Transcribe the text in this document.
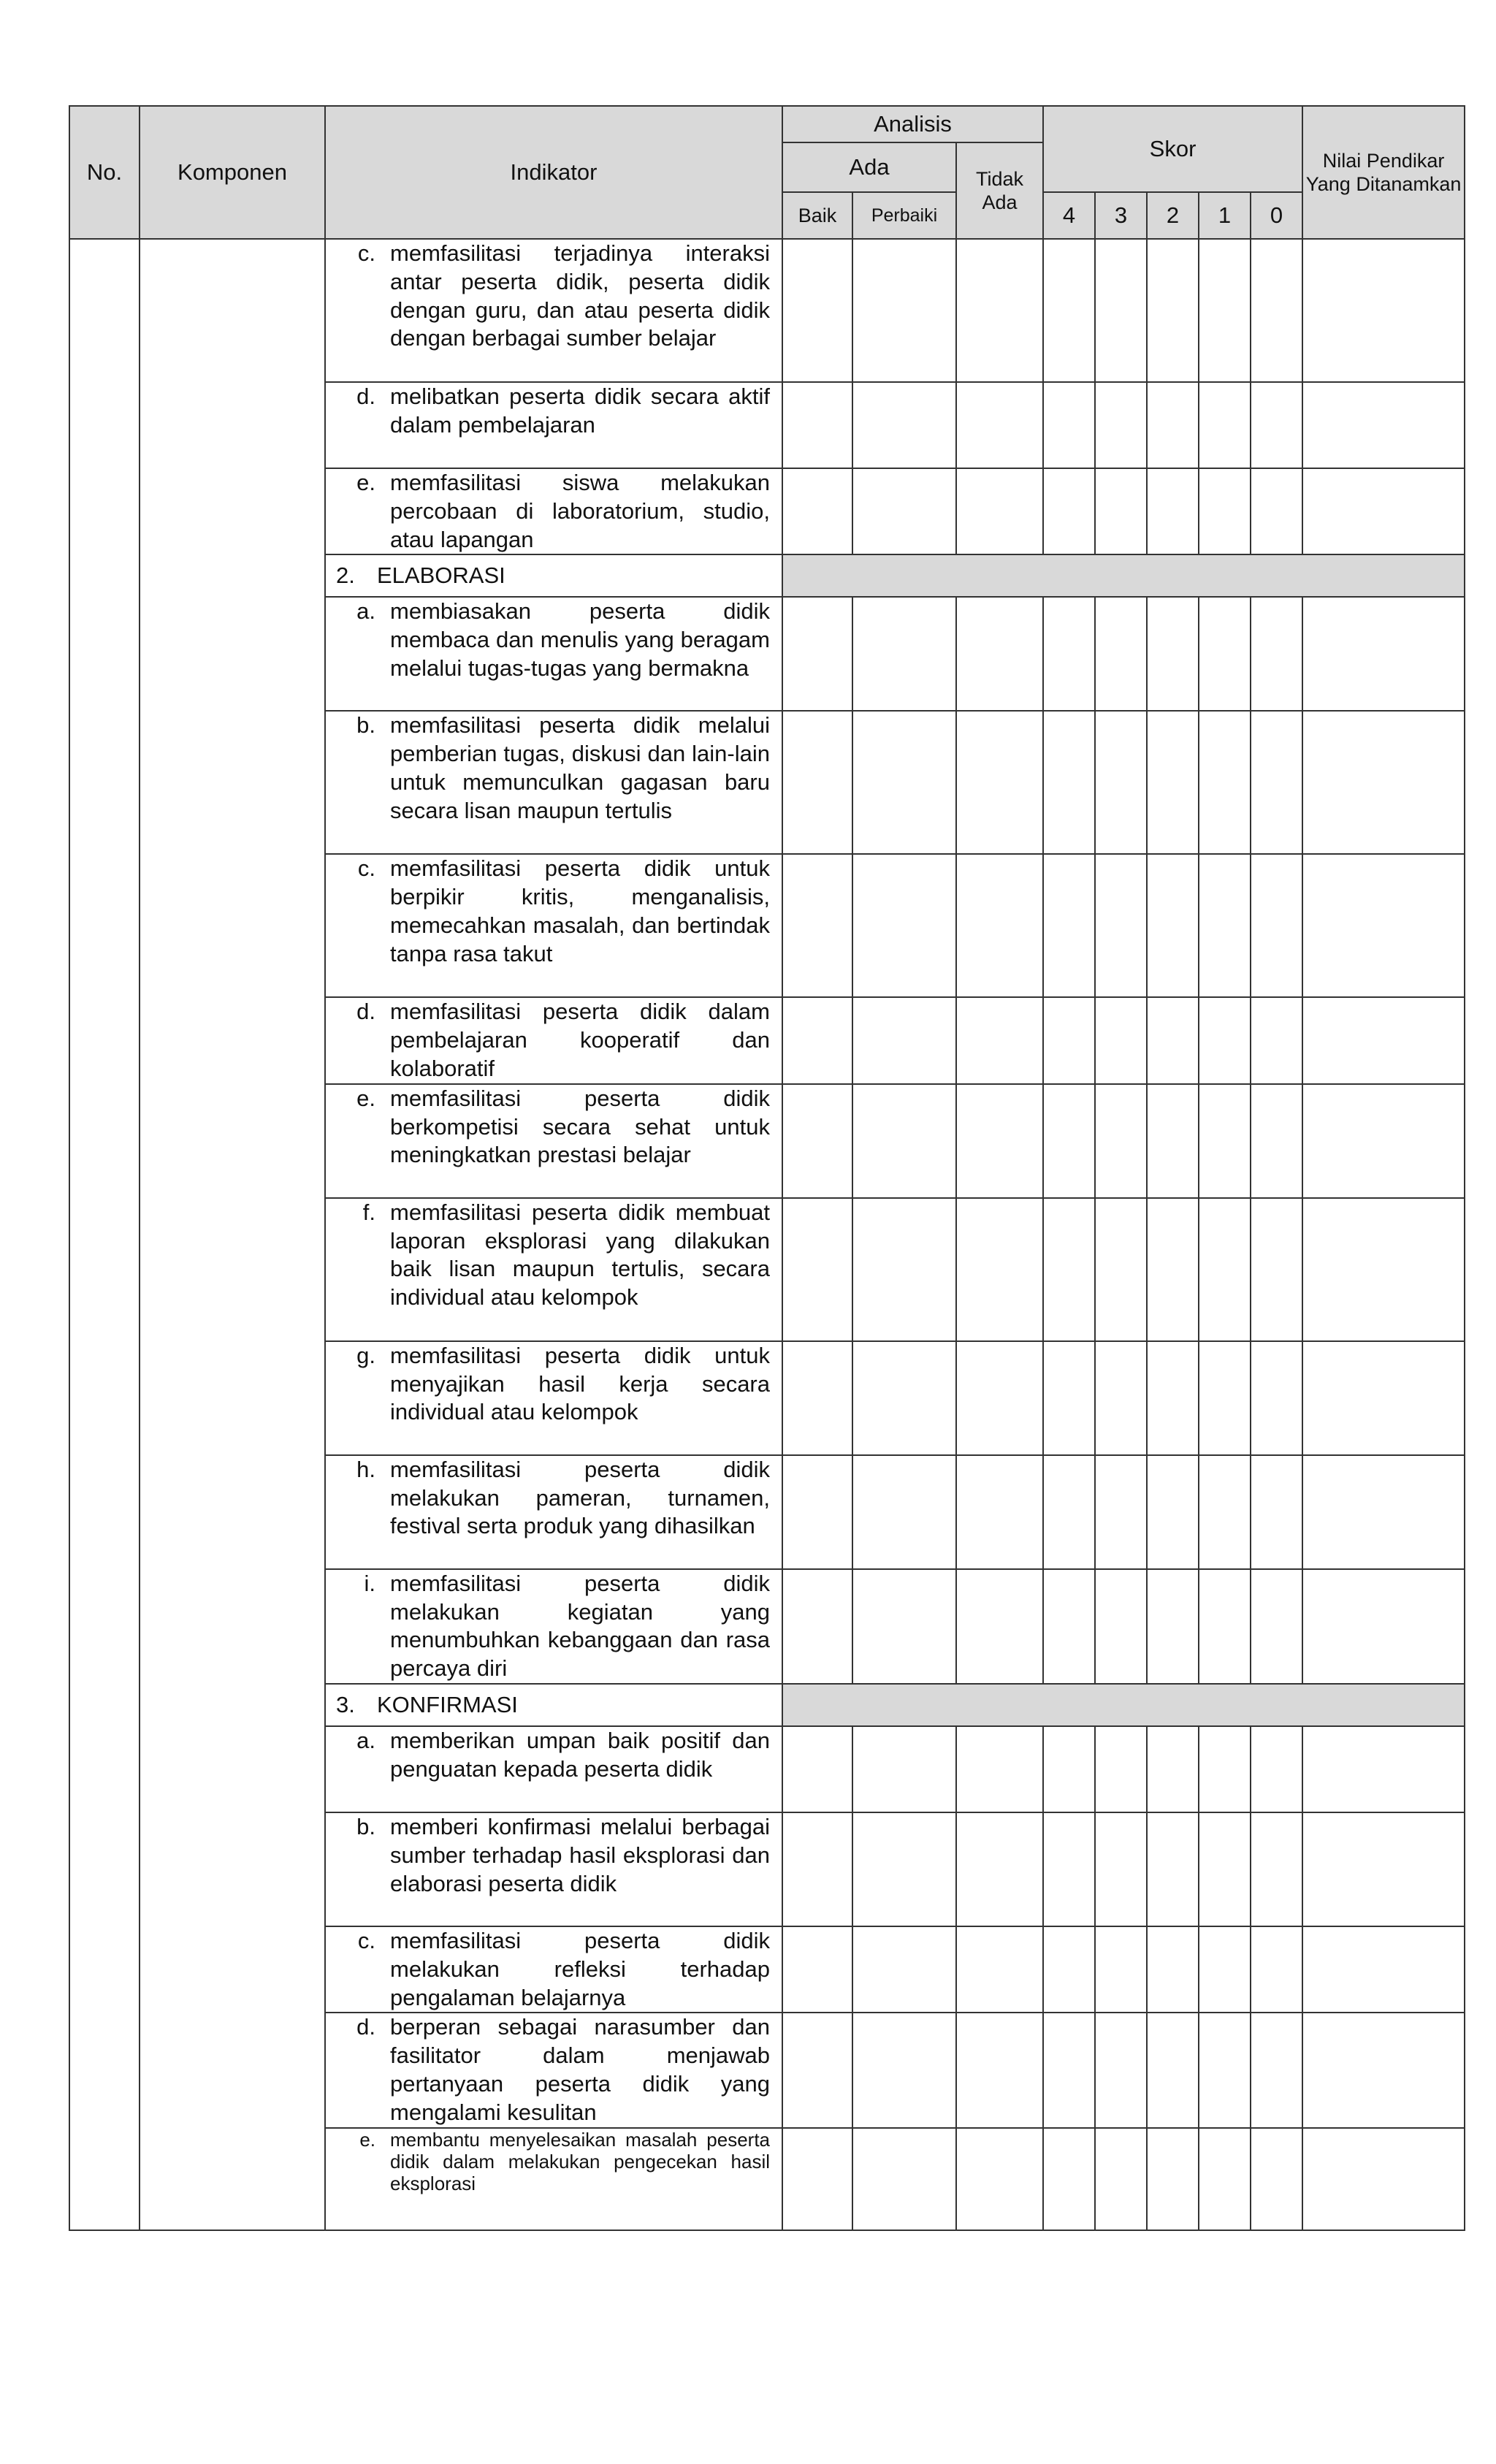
No.	Komponen	Indikator	Analisis			Skor					Nilai Pendikar Yang Ditanamkan	
			Ada		Tidak Ada							
			Baik	Perbaiki		4	3	2	1	0		

		c. memfasilitasi terjadinya interaksi antar peserta didik, peserta didik dengan guru, dan atau peserta didik dengan berbagai sumber belajar										

		d. melibatkan peserta didik secara aktif dalam pembelajaran										

		e. memfasilitasi siswa melakukan percobaan di laboratorium, studio, atau lapangan										

		2. ELABORASI										

		a. membiasakan peserta didik membaca dan menulis yang beragam melalui tugas-tugas yang bermakna										

		b. memfasilitasi peserta didik melalui pemberian tugas, diskusi dan lain-lain untuk memunculkan gagasan baru secara lisan maupun tertulis										

		c. memfasilitasi peserta didik untuk berpikir kritis, menganalisis, memecahkan masalah, dan bertindak tanpa rasa takut										

		d. memfasilitasi peserta didik dalam pembelajaran kooperatif dan kolaboratif										

		e. memfasilitasi peserta didik berkompetisi secara sehat untuk meningkatkan prestasi belajar										

		f. memfasilitasi peserta didik membuat laporan eksplorasi yang dilakukan baik lisan maupun tertulis, secara individual atau kelompok										

		g. memfasilitasi peserta didik untuk menyajikan hasil kerja secara individual atau kelompok										

		h. memfasilitasi peserta didik melakukan pameran, turnamen, festival serta produk yang dihasilkan										

		i. memfasilitasi peserta didik melakukan kegiatan yang menumbuhkan kebanggaan dan rasa percaya diri										

		3. KONFIRMASI										

		a. memberikan umpan baik positif dan penguatan kepada peserta didik										

		b. memberi konfirmasi melalui berbagai sumber terhadap hasil eksplorasi dan elaborasi peserta didik										

		c. memfasilitasi peserta didik melakukan refleksi terhadap pengalaman belajarnya										

		d. berperan sebagai narasumber dan fasilitator dalam menjawab pertanyaan peserta didik yang mengalami kesulitan										

		e. membantu menyelesaikan masalah peserta didik dalam melakukan pengecekan hasil eksplorasi										
